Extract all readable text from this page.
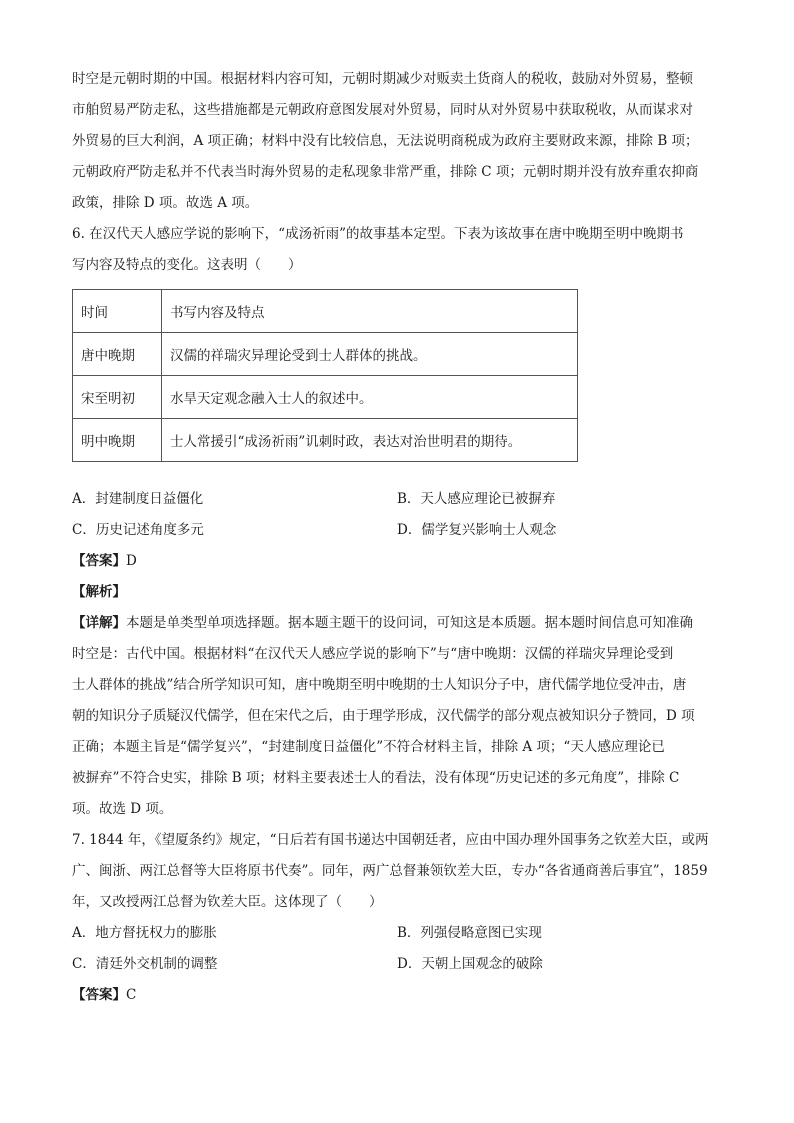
时空是元朝时期的中国。根据材料内容可知，元朝时期减少对贩卖土货商人的税收，鼓励对外贸易，整顿

市舶贸易严防走私，这些措施都是元朝政府意图发展对外贸易，同时从对外贸易中获取税收，从而谋求对

外贸易的巨大利润，A 项正确；材料中没有比较信息，无法说明商税成为政府主要财政来源，排除 B 项；

元朝政府严防走私并不代表当时海外贸易的走私现象非常严重，排除 C 项；元朝时期并没有放弃重农抑商

政策，排除 D 项。故选 A 项。

6. 在汉代天人感应学说的影响下，“成汤祈雨”的故事基本定型。下表为该故事在唐中晚期至明中晚期书

写内容及特点的变化。这表明（　　）

时间	书写内容及特点
唐中晚期	汉儒的祥瑞灾异理论受到士人群体的挑战。
宋至明初	水旱天定观念融入士人的叙述中。
明中晚期	士人常援引“成汤祈雨”讥刺时政，表达对治世明君的期待。
A．封建制度日益僵化	B．天人感应理论已被摒弃
C．历史记述角度多元	D．儒学复兴影响士人观念
【答案】D
【解析】

【详解】本题是单类型单项选择题。据本题主题干的设问词，可知这是本质题。据本题时间信息可知准确

时空是：古代中国。根据材料“在汉代天人感应学说的影响下”与“唐中晚期：汉儒的祥瑞灾异理论受到

士人群体的挑战”结合所学知识可知，唐中晚期至明中晚期的士人知识分子中，唐代儒学地位受冲击，唐

朝的知识分子质疑汉代儒学，但在宋代之后，由于理学形成，汉代儒学的部分观点被知识分子赞同，D 项

正确；本题主旨是“儒学复兴”，“封建制度日益僵化”不符合材料主旨，排除 A 项；“天人感应理论已

被摒弃”不符合史实，排除 B 项；材料主要表述士人的看法，没有体现“历史记述的多元角度”，排除 C

项。故选 D 项。

7. 1844 年，《望厦条约》规定，“日后若有国书递达中国朝廷者，应由中国办理外国事务之钦差大臣，或两

广、闽浙、两江总督等大臣将原书代奏”。同年，两广总督兼领钦差大臣，专办“各省通商善后事宜”，1859

年，又改授两江总督为钦差大臣。这体现了（　　）

A．地方督抚权力的膨胀	B．列强侵略意图已实现
C．清廷外交机制的调整	D．天朝上国观念的破除
【答案】C
